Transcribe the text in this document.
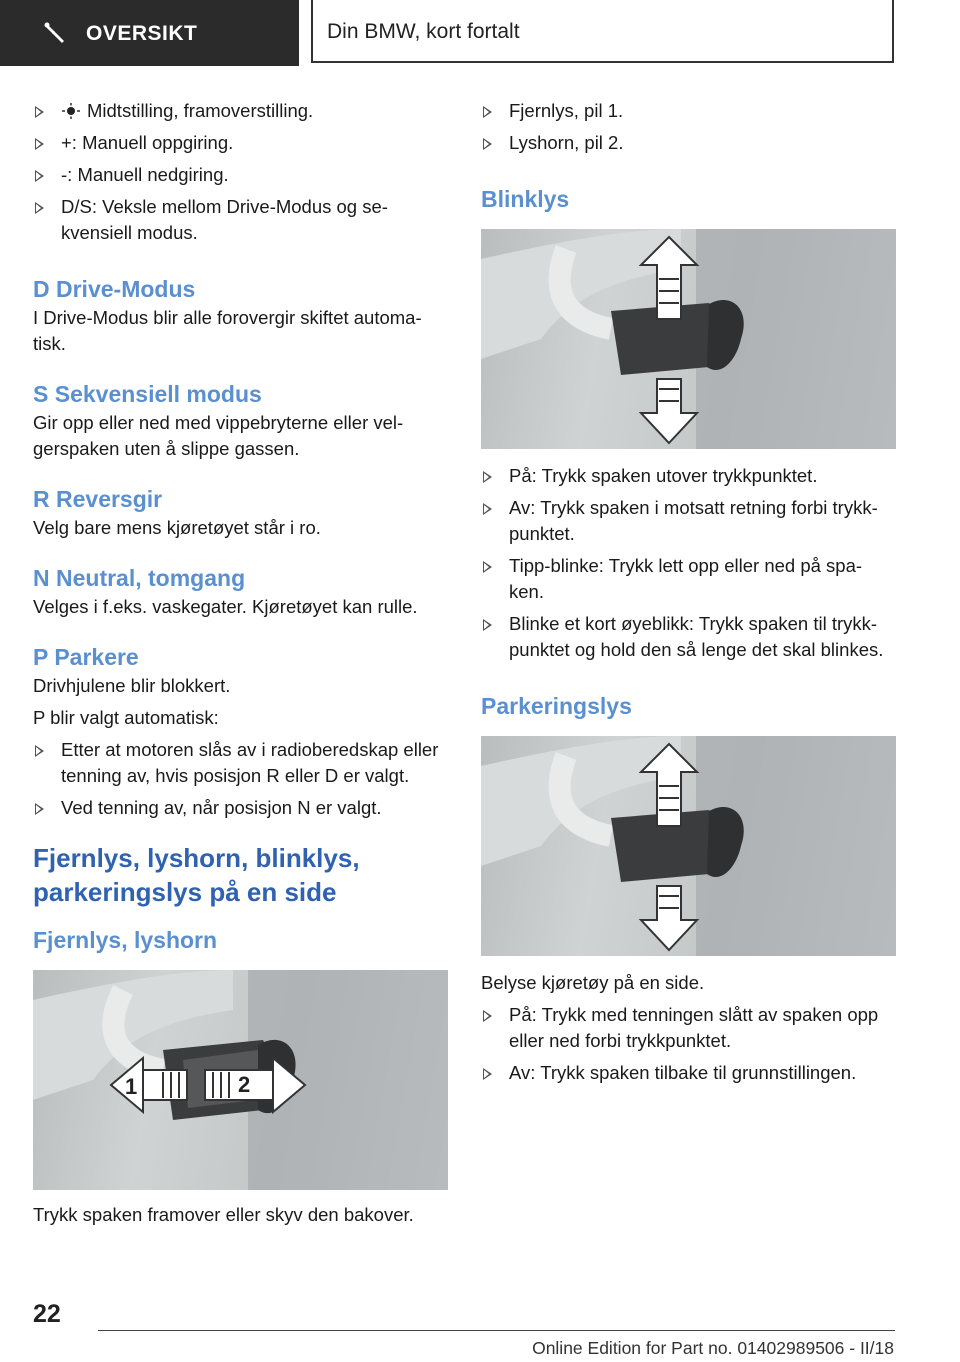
OVERSIKT	Din BMW, kort fortalt
Midtstilling, framoverstilling.
+: Manuell oppgiring.
-: Manuell nedgiring.
D/S: Veksle mellom Drive-Modus og se-kvensiell modus.

D Drive-Modus

I Drive-Modus blir alle forovergir skiftet automa-tisk.

S Sekvensiell modus

Gir opp eller ned med vippebryterne eller vel-gerspaken uten å slippe gassen.

R Reversgir

Velg bare mens kjøretøyet står i ro.

N Neutral, tomgang

Velges i f.eks. vaskegater. Kjøretøyet kan rulle.

P Parkere

Drivhjulene blir blokkert.

P blir valgt automatisk:

Etter at motoren slås av i radioberedskap eller tenning av, hvis posisjon R eller D er valgt.
Ved tenning av, når posisjon N er valgt.

Fjernlys, lyshorn, blinklys, parkeringslys på en side

Fjernlys, lyshorn

1	2

Trykk spaken framover eller skyv den bakover.

Fjernlys, pil 1.
Lyshorn, pil 2.

Blinklys

På: Trykk spaken utover trykkpunktet.
Av: Trykk spaken i motsatt retning forbi trykk-punktet.
Tipp-blinke: Trykk lett opp eller ned på spa-ken.
Blinke et kort øyeblikk: Trykk spaken til trykk-punktet og hold den så lenge det skal blinkes.

Parkeringslys

Belyse kjøretøy på en side.

På: Trykk med tenningen slått av spaken opp eller ned forbi trykkpunktet.
Av: Trykk spaken tilbake til grunnstillingen.
22
Online Edition for Part no. 01402989506 - II/18
